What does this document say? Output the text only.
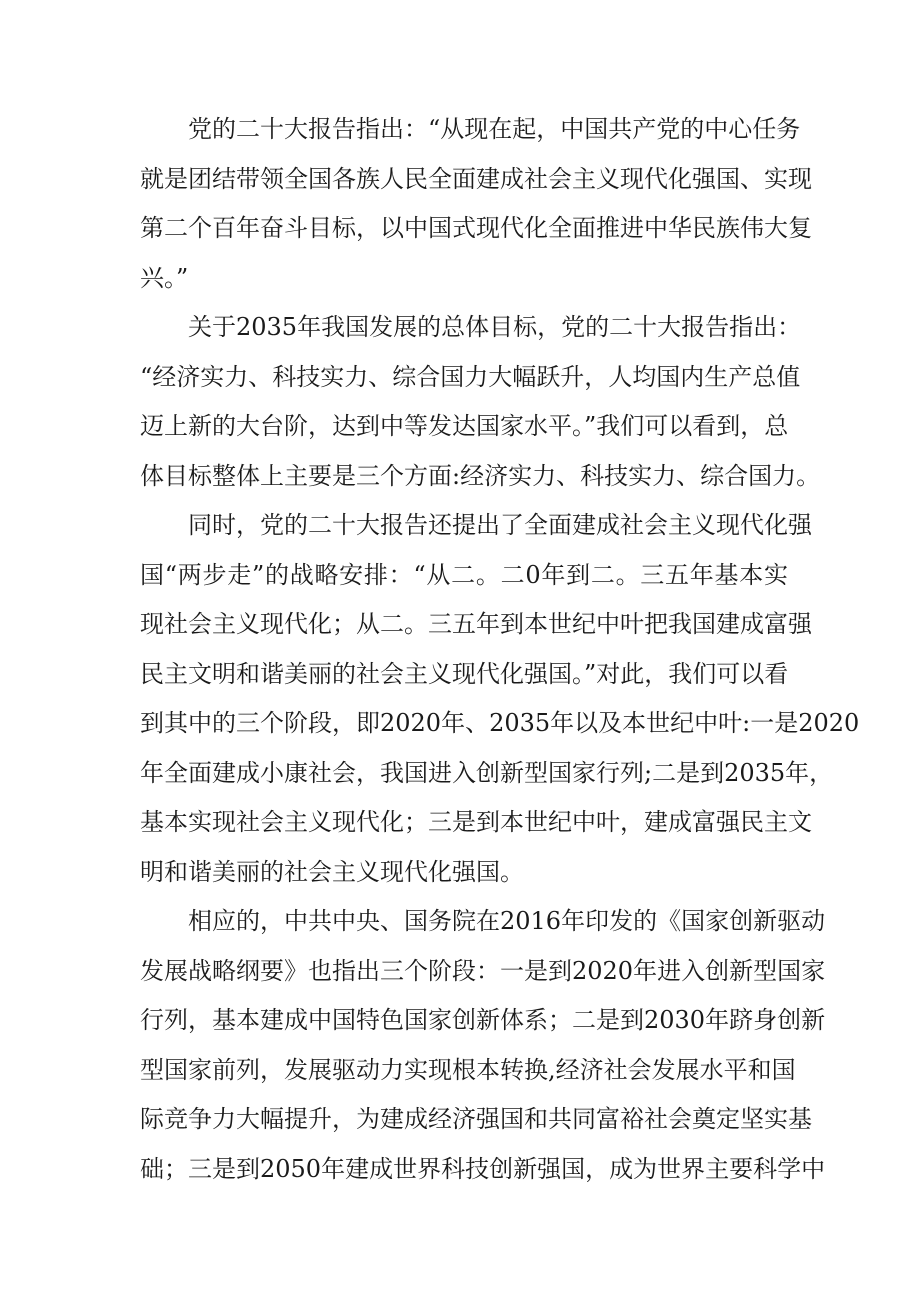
党的二十大报告指出：“从现在起，中国共产党的中心任务
就是团结带领全国各族人民全面建成社会主义现代化强国、实现
第二个百年奋斗目标，以中国式现代化全面推进中华民族伟大复
兴。”
关于2035年我国发展的总体目标，党的二十大报告指出：
“经济实力、科技实力、综合国力大幅跃升，人均国内生产总值
迈上新的大台阶，达到中等发达国家水平。”我们可以看到，总
体目标整体上主要是三个方面:经济实力、科技实力、综合国力。
同时，党的二十大报告还提出了全面建成社会主义现代化强
国“两步走”的战略安排：“从二。二0年到二。三五年基本实
现社会主义现代化；从二。三五年到本世纪中叶把我国建成富强
民主文明和谐美丽的社会主义现代化强国。”对此，我们可以看
到其中的三个阶段，即2020年、2035年以及本世纪中叶:一是2020
年全面建成小康社会，我国进入创新型国家行列;二是到2035年，
基本实现社会主义现代化；三是到本世纪中叶，建成富强民主文
明和谐美丽的社会主义现代化强国。
相应的，中共中央、国务院在2016年印发的《国家创新驱动
发展战略纲要》也指出三个阶段：一是到2020年进入创新型国家
行列，基本建成中国特色国家创新体系；二是到2030年跻身创新
型国家前列，发展驱动力实现根本转换,经济社会发展水平和国
际竞争力大幅提升，为建成经济强国和共同富裕社会奠定坚实基
础；三是到2050年建成世界科技创新强国，成为世界主要科学中
